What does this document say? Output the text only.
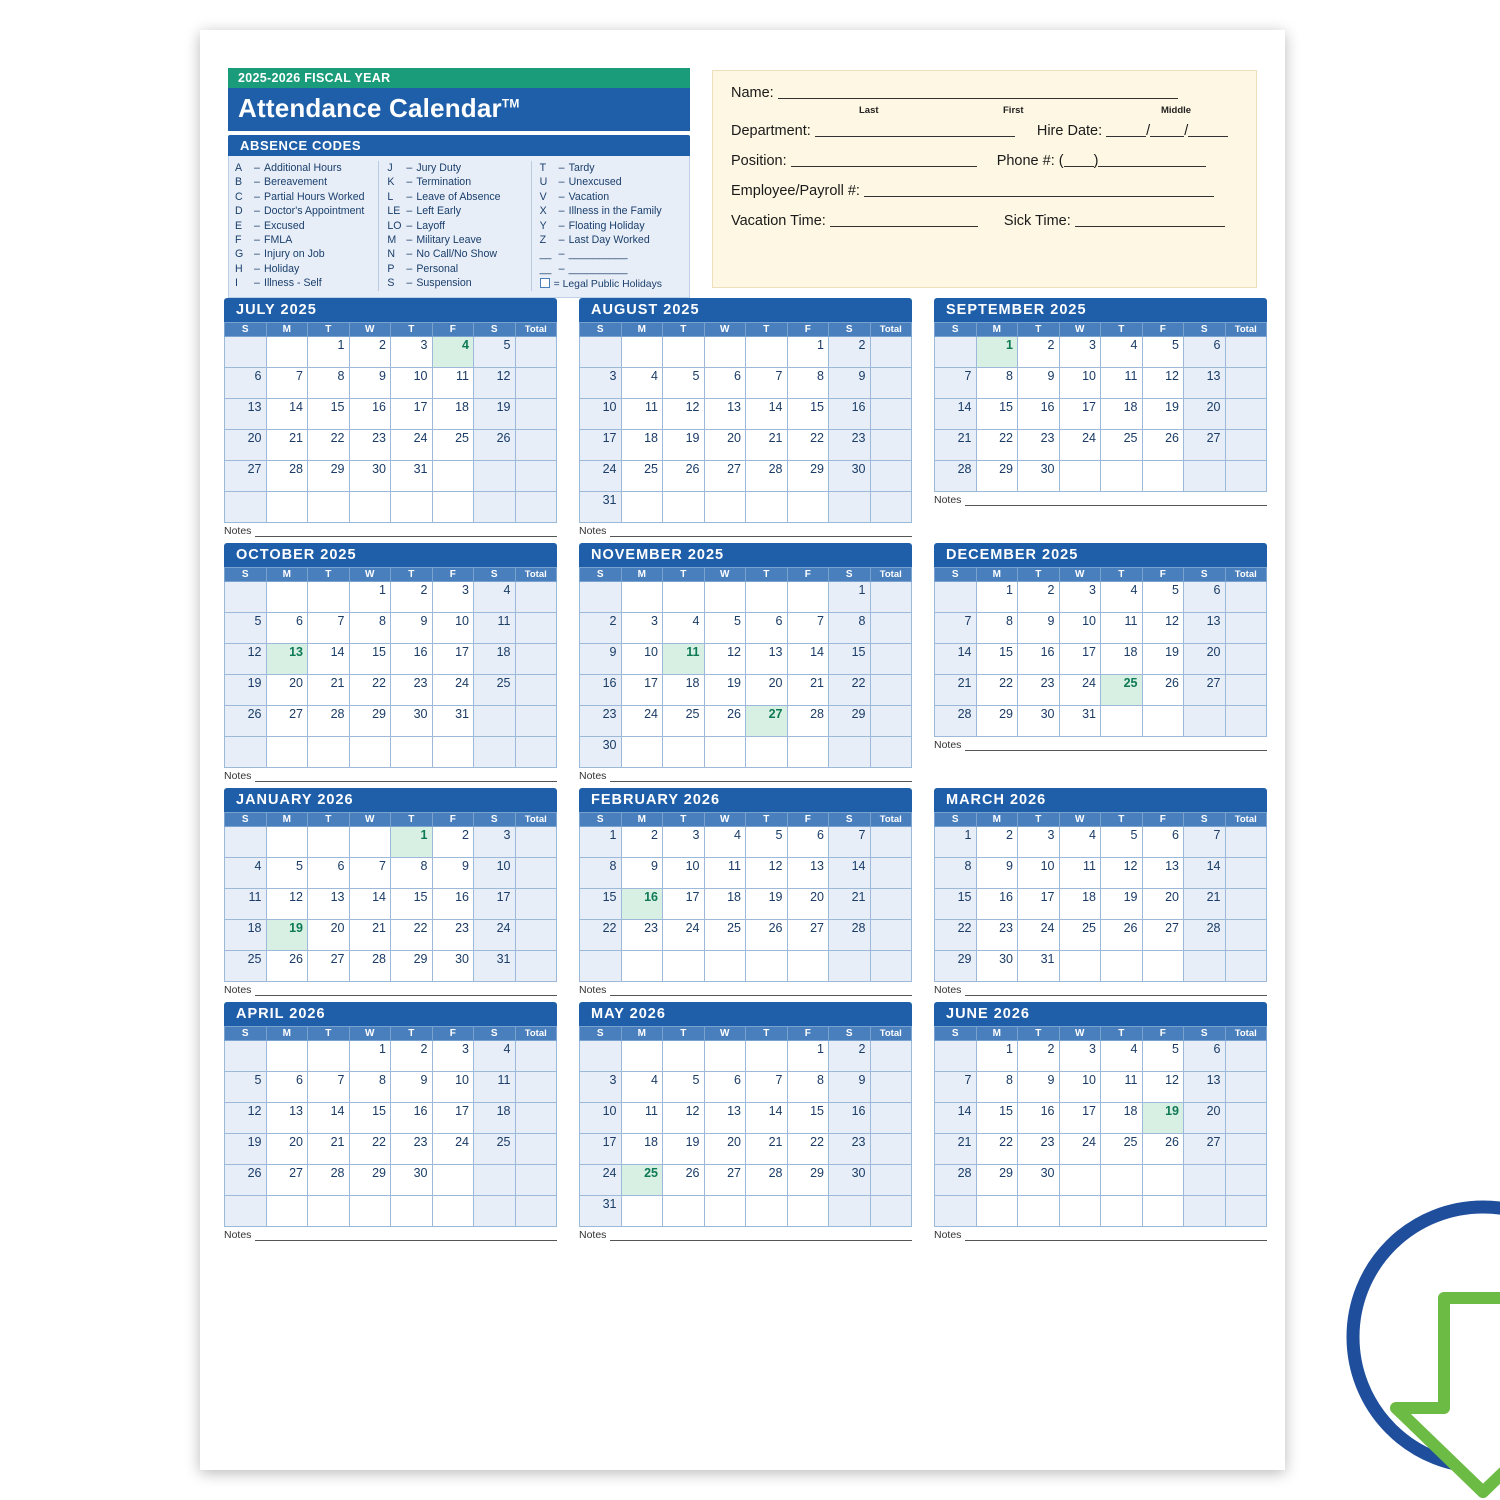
2025-2026 FISCAL YEAR
Attendance Calendar™
ABSENCE CODES
A – Additional Hours
B – Bereavement
C – Partial Hours Worked
D – Doctor's Appointment
E – Excused
F – FMLA
G – Injury on Job
H – Holiday
I – Illness - Self
J – Jury Duty
K – Termination
L – Leave of Absence
LE – Left Early
LO – Layoff
M – Military Leave
N – No Call/No Show
P – Personal
S – Suspension
T – Tardy
U – Unexcused
V – Vacation
X – Illness in the Family
Y – Floating Holiday
Z – Last Day Worked
__ – __________
__ – __________
= Legal Public Holidays
Name:
Last	First	Middle
Department:	Hire Date:	/ /
Position:	Phone #: ( )
Employee/Payroll #:
Vacation Time:	Sick Time:
JULY 2025
S	M	T	W	T	F	S	Total
		1	2	3	4	5	
6	7	8	9	10	11	12	
13	14	15	16	17	18	19	
20	21	22	23	24	25	26	
27	28	29	30	31			

Notes
AUGUST 2025
S	M	T	W	T	F	S	Total
					1	2	
3	4	5	6	7	8	9	
10	11	12	13	14	15	16	
17	18	19	20	21	22	23	
24	25	26	27	28	29	30	
31							
Notes
SEPTEMBER 2025
S	M	T	W	T	F	S	Total
	1	2	3	4	5	6	
7	8	9	10	11	12	13	
14	15	16	17	18	19	20	
21	22	23	24	25	26	27	
28	29	30					
Notes
OCTOBER 2025
S	M	T	W	T	F	S	Total
			1	2	3	4	
5	6	7	8	9	10	11	
12	13	14	15	16	17	18	
19	20	21	22	23	24	25	
26	27	28	29	30	31		

Notes
NOVEMBER 2025
S	M	T	W	T	F	S	Total
						1	
2	3	4	5	6	7	8	
9	10	11	12	13	14	15	
16	17	18	19	20	21	22	
23	24	25	26	27	28	29	
30							
Notes
DECEMBER 2025
S	M	T	W	T	F	S	Total
	1	2	3	4	5	6	
7	8	9	10	11	12	13	
14	15	16	17	18	19	20	
21	22	23	24	25	26	27	
28	29	30	31				
Notes
JANUARY 2026
S	M	T	W	T	F	S	Total
				1	2	3	
4	5	6	7	8	9	10	
11	12	13	14	15	16	17	
18	19	20	21	22	23	24	
25	26	27	28	29	30	31	
Notes
FEBRUARY 2026
S	M	T	W	T	F	S	Total
1	2	3	4	5	6	7	
8	9	10	11	12	13	14	
15	16	17	18	19	20	21	
22	23	24	25	26	27	28	

Notes
MARCH 2026
S	M	T	W	T	F	S	Total
1	2	3	4	5	6	7	
8	9	10	11	12	13	14	
15	16	17	18	19	20	21	
22	23	24	25	26	27	28	
29	30	31					
Notes
APRIL 2026
S	M	T	W	T	F	S	Total
			1	2	3	4	
5	6	7	8	9	10	11	
12	13	14	15	16	17	18	
19	20	21	22	23	24	25	
26	27	28	29	30			

Notes
MAY 2026
S	M	T	W	T	F	S	Total
					1	2	
3	4	5	6	7	8	9	
10	11	12	13	14	15	16	
17	18	19	20	21	22	23	
24	25	26	27	28	29	30	
31							
Notes
JUNE 2026
S	M	T	W	T	F	S	Total
	1	2	3	4	5	6	
7	8	9	10	11	12	13	
14	15	16	17	18	19	20	
21	22	23	24	25	26	27	
28	29	30					

Notes
